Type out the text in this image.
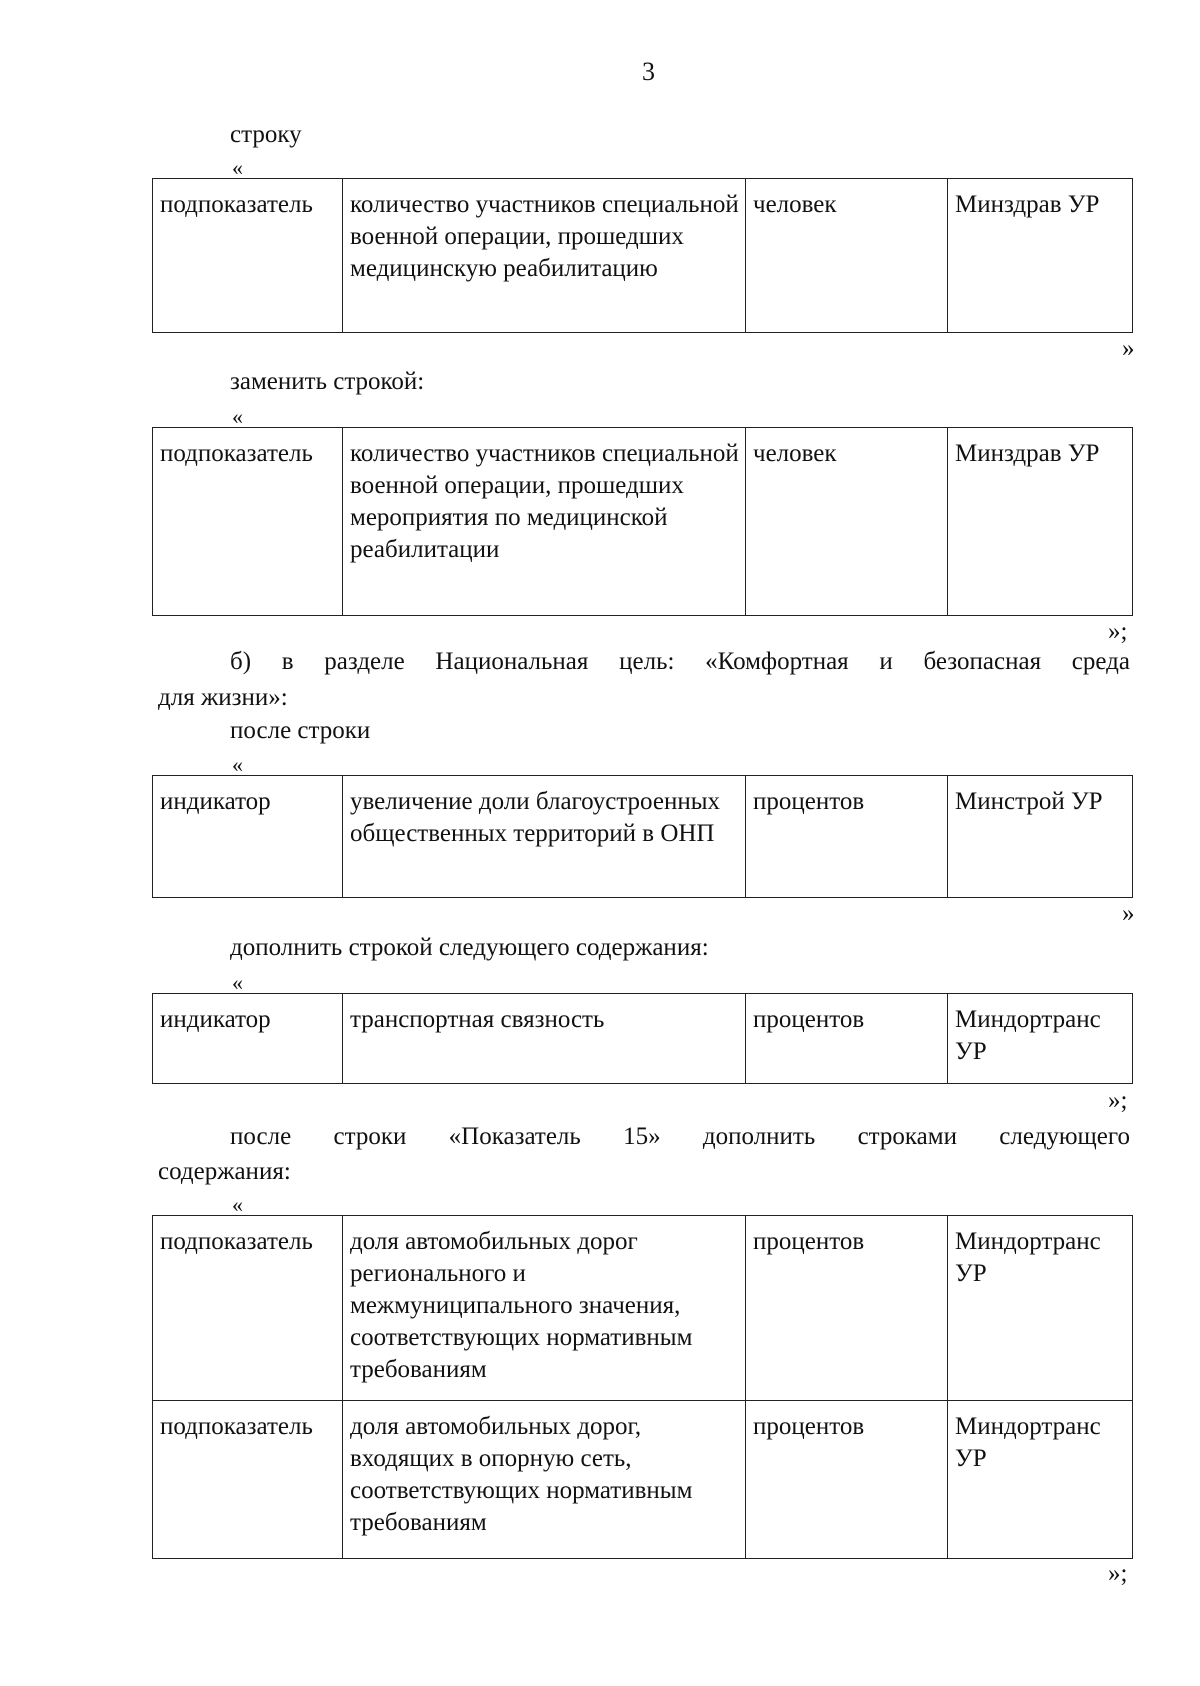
3
строку
«
подпоказатель	количество участников специальной военной операции, прошедших медицинскую реабилитацию	человек	Минздрав УР
»
заменить строкой:
«
подпоказатель	количество участников специальной военной операции, прошедших мероприятия по медицинской реабилитации	человек	Минздрав УР
»;
б) в разделе Национальная цель: «Комфортная и безопасная среда
для жизни»:
после строки
«
индикатор	увеличение доли благоустроенных общественных территорий в ОНП	процентов	Минстрой УР
»
дополнить строкой следующего содержания:
«
индикатор	транспортная связность	процентов	Миндортранс УР
»;
после строки «Показатель 15» дополнить строками следующего
содержания:
«
подпоказатель	доля автомобильных дорог регионального и межмуниципального значения, соответствующих нормативным требованиям	процентов	Миндортранс УР
подпоказатель	доля автомобильных дорог, входящих в опорную сеть, соответствующих нормативным требованиям	процентов	Миндортранс УР
»;
